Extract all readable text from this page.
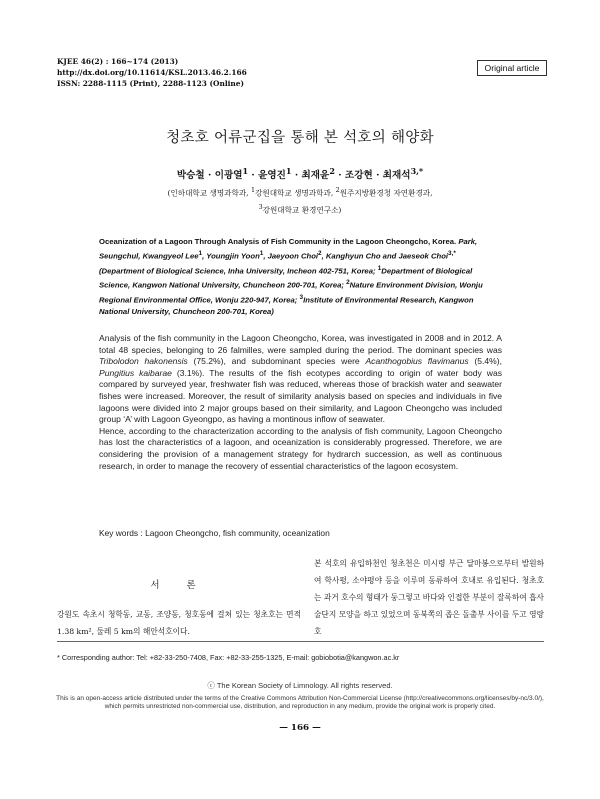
KJEE 46(2) : 166~174 (2013)
http://dx.doi.org/10.11614/KSL.2013.46.2.166
ISSN: 2288-1115 (Print), 2288-1123 (Online)
Original article
청초호 어류군집을 통해 본 석호의 해양화
박승철 · 이광열$^1$ · 윤영진$^1$ · 최재윤$^2$ · 조강현 · 최재석$^{3,*}$
(인하대학교 생명과학과, $^1$강원대학교 생명과학과, $^2$원주지방환경청 자연환경과,
$^3$강원대학교 환경연구소)
Oceanization of a Lagoon Through Analysis of Fish Community in the Lagoon Cheongcho, Korea. Park, Seungchul, Kwangyeol Lee$^1$, Youngjin Yoon$^1$, Jaeyoon Choi$^2$, Kanghyun Cho and Jaeseok Choi$^{3,*}$ (Department of Biological Science, Inha University, Incheon 402-751, Korea; $^1$Department of Biological Science, Kangwon National University, Chuncheon 200-701, Korea; $^2$Nature Environment Division, Wonju Regional Environmental Office, Wonju 220-947, Korea; $^3$Institute of Environmental Research, Kangwon National University, Chuncheon 200-701, Korea)

Analysis of the fish community in the Lagoon Cheongcho, Korea, was investigated in 2008 and in 2012. A total 48 species, belonging to 26 falmilles, were sampled during the period. The dominant species was Tribolodon hakonensis (75.2%), and subdominant species were Acanthogobius flavimanus (5.4%), Pungitius kaibarae (3.1%). The results of the fish ecotypes according to origin of water body was compared by surveyed year, freshwater fish was reduced, whereas those of brackish water and seawater fishes were increased. Moreover, the result of similarity analysis based on species and individuals in five lagoons were divided into 2 major groups based on their similarity, and Lagoon Cheongcho was included group ‘A’ with Lagoon Gyeongpo, as having a montinous inflow of seawater.

Hence, according to the characterization according to the analysis of fish community, Lagoon Cheongcho has lost the characteristics of a lagoon, and oceanization is considerably progressed. Therefore, we are considering the provision of a management strategy for hydrarch succession, as well as continuous research, in order to manage the recovery of essential characteristics of the lagoon ecosystem.

Key words : Lagoon Cheongcho, fish community, oceanization
서 론
강원도 속초시 청학동, 교동, 조양동, 청호동에 걸쳐 있는 청초호는 면적 1.38 km², 둘레 5 km의 해안석호이다.
본 석호의 유입하천인 청초천은 미시령 부근 달마봉으로부터 발원하여 학사평, 소야평야 등을 이루며 동류하여 호내로 유입된다. 청초호는 과거 호수의 형태가 둥그렇고 바다와 인접한 부분이 잘록하여 흡사 술단지 모양을 하고 있었으며 동북쪽의 좁은 돌출부 사이를 두고 영랑호
* Corresponding author: Tel: +82-33-250-7408, Fax: +82-33-255-1325, E-mail: gobiobotia@kangwon.ac.kr
ⓒ The Korean Society of Limnology. All rights reserved.
This is an open-access article distributed under the terms of the Creative Commons Attribution Non-Commercial License (http://creativecommons.org/licenses/by-nc/3.0/),
which permits unrestricted non-commercial use, distribution, and reproduction in any medium, provide the original work is properly cited.
— 166 —
